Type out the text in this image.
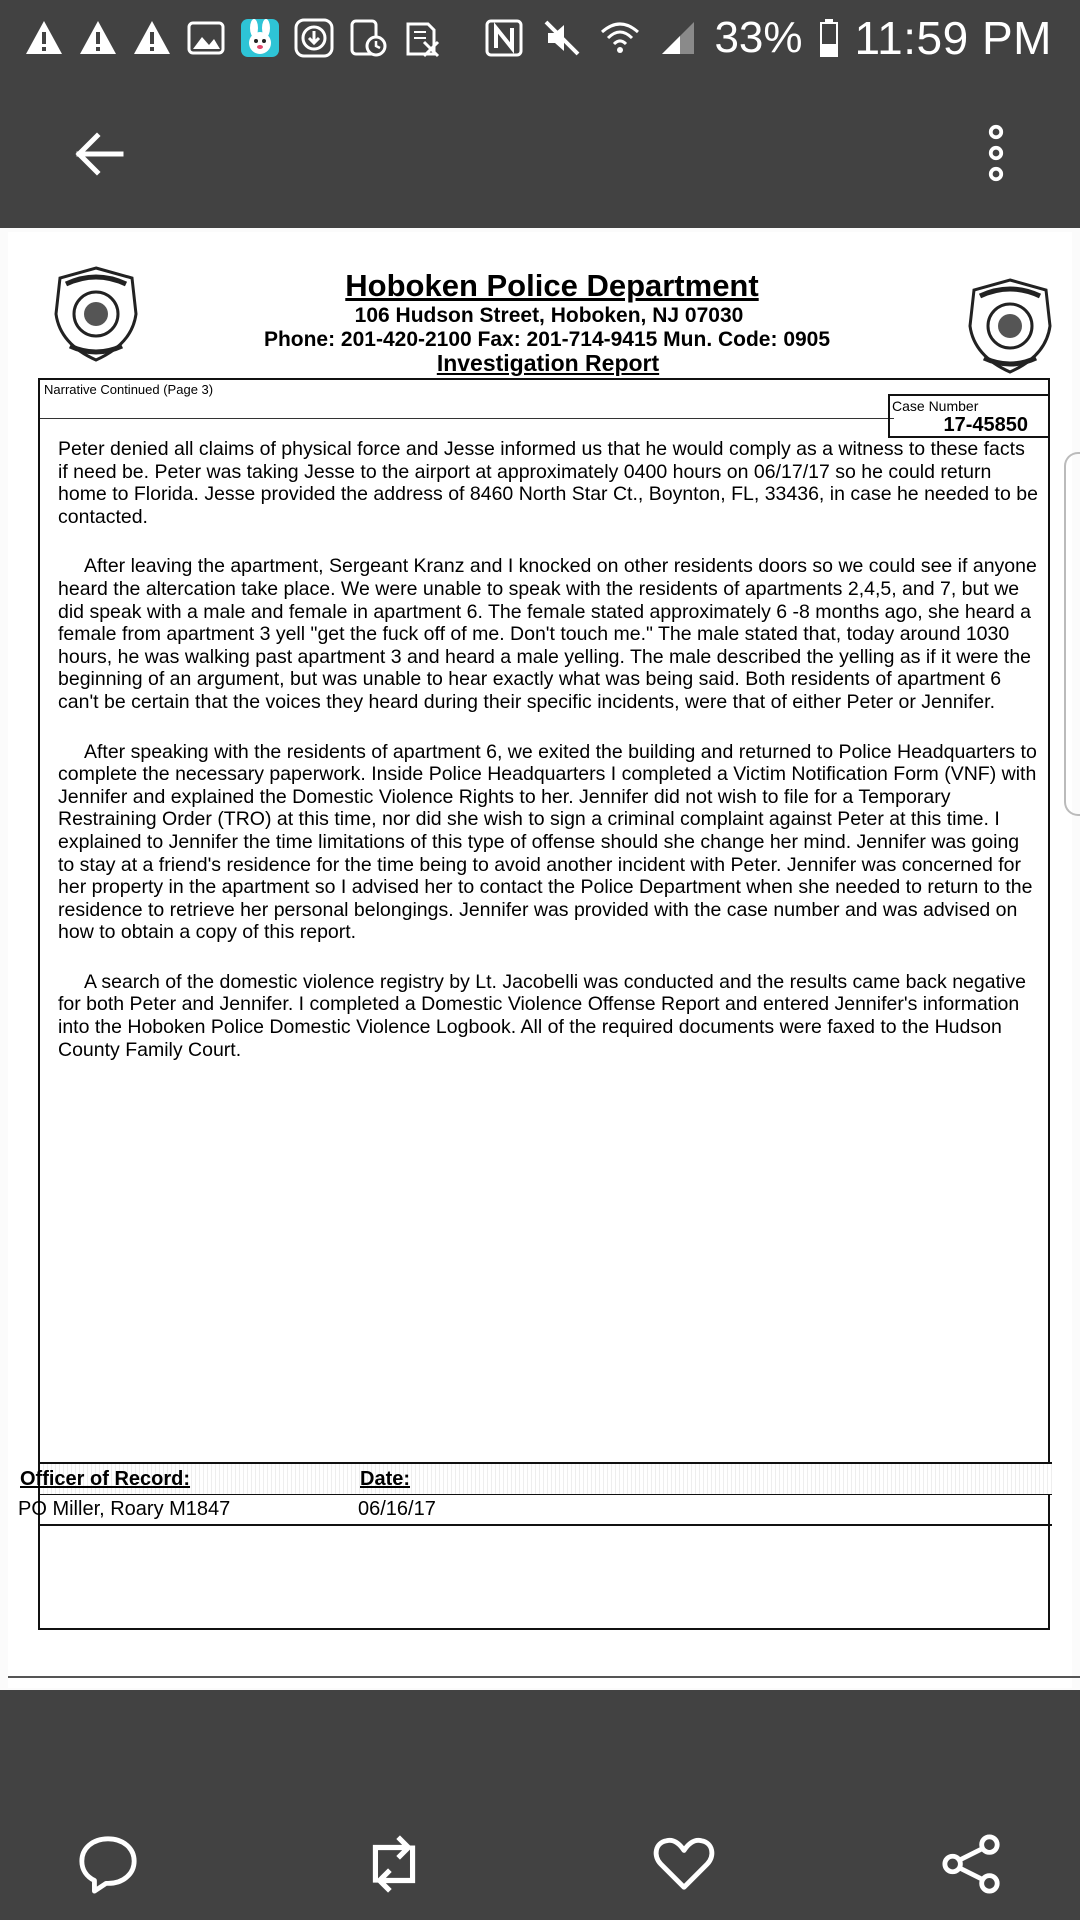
33% 11:59 PM
Hoboken Police Department
106 Hudson Street, Hoboken, NJ 07030
Phone: 201-420-2100 Fax: 201-714-9415 Mun. Code: 0905
Investigation Report
Narrative Continued (Page 3)
Case Number
17-45850

Peter denied all claims of physical force and Jesse informed us that he would comply as a witness to these facts if need be. Peter was taking Jesse to the airport at approximately 0400 hours on 06/17/17 so he could return home to Florida. Jesse provided the address of 8460 North Star Ct., Boynton, FL, 33436, in case he needed to be contacted.

After leaving the apartment, Sergeant Kranz and I knocked on other residents doors so we could see if anyone heard the altercation take place. We were unable to speak with the residents of apartments 2,4,5, and 7, but we did speak with a male and female in apartment 6. The female stated approximately 6 -8 months ago, she heard a female from apartment 3 yell "get the fuck off of me. Don't touch me." The male stated that, today around 1030 hours, he was walking past apartment 3 and heard a male yelling. The male described the yelling as if it were the beginning of an argument, but was unable to hear exactly what was being said. Both residents of apartment 6 can't be certain that the voices they heard during their specific incidents, were that of either Peter or Jennifer.

After speaking with the residents of apartment 6, we exited the building and returned to Police Headquarters to complete the necessary paperwork. Inside Police Headquarters I completed a Victim Notification Form (VNF) with Jennifer and explained the Domestic Violence Rights to her. Jennifer did not wish to file for a Temporary Restraining Order (TRO) at this time, nor did she wish to sign a criminal complaint against Peter at this time. I explained to Jennifer the time limitations of this type of offense should she change her mind. Jennifer was going to stay at a friend's residence for the time being to avoid another incident with Peter. Jennifer was concerned for her property in the apartment so I advised her to contact the Police Department when she needed to return to the residence to retrieve her personal belongings. Jennifer was provided with the case number and was advised on how to obtain a copy of this report.

A search of the domestic violence registry by Lt. Jacobelli was conducted and the results came back negative for both Peter and Jennifer. I completed a Domestic Violence Offense Report and entered Jennifer's information into the Hoboken Police Domestic Violence Logbook. All of the required documents were faxed to the Hudson County Family Court.

Officer of Record:	Date:
PO Miller, Roary M1847	06/16/17
